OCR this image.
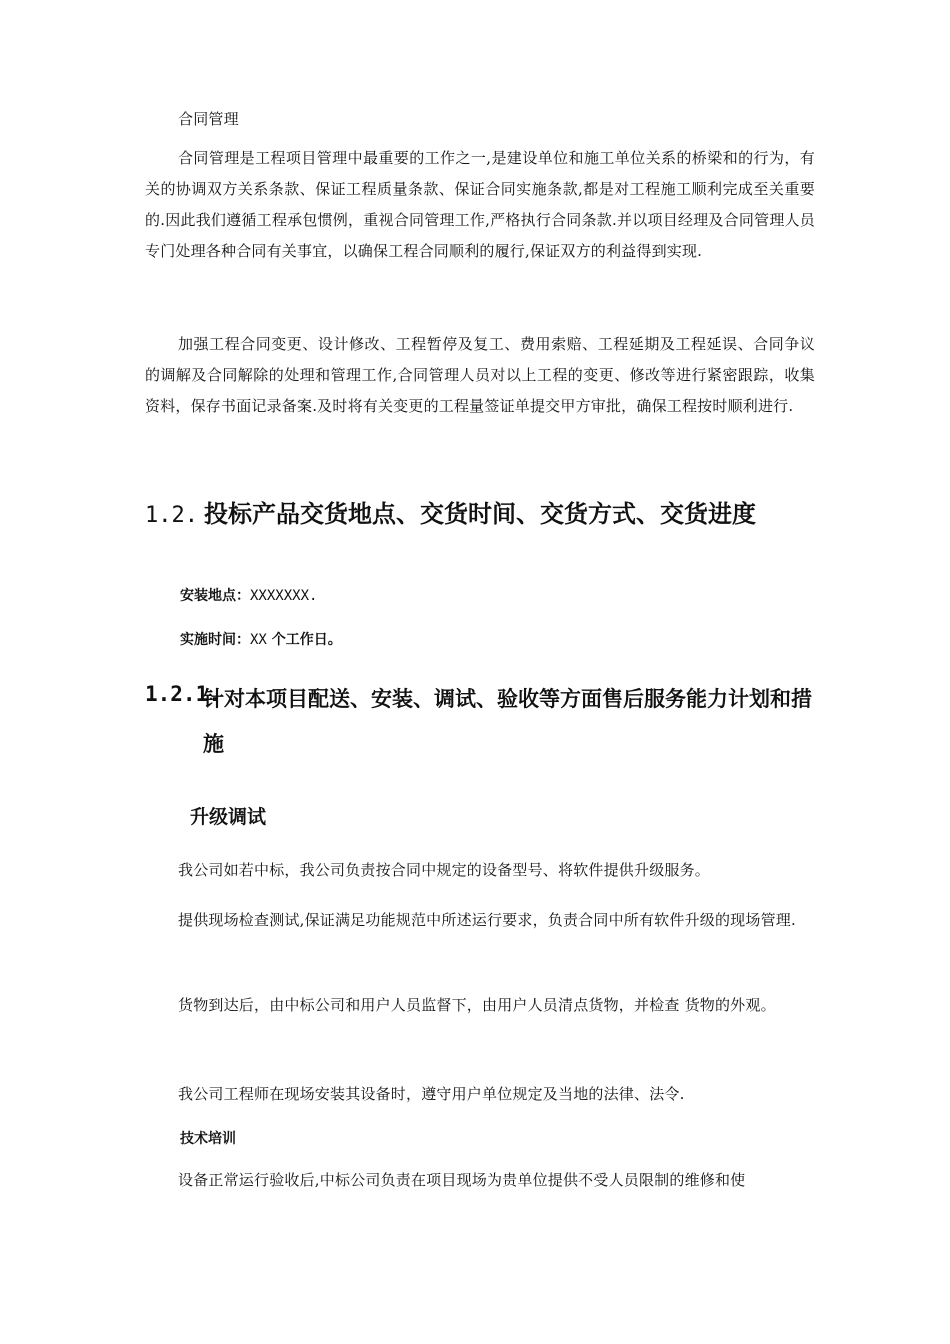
合同管理

合同管理是工程项目管理中最重要的工作之一,是建设单位和施工单位关系的桥梁和的行为，有关的协调双方关系条款、保证工程质量条款、保证合同实施条款,都是对工程施工顺利完成至关重要的.因此我们遵循工程承包惯例，重视合同管理工作,严格执行合同条款.并以项目经理及合同管理人员专门处理各种合同有关事宜，以确保工程合同顺利的履行,保证双方的利益得到实现.

加强工程合同变更、设计修改、工程暂停及复工、费用索赔、工程延期及工程延误、合同争议的调解及合同解除的处理和管理工作,合同管理人员对以上工程的变更、修改等进行紧密跟踪，收集资料，保存书面记录备案.及时将有关变更的工程量签证单提交甲方审批，确保工程按时顺利进行.

1.2. 投标产品交货地点、交货时间、交货方式、交货进度

安装地点：XXXXXXX.

实施时间：XX 个工作日。

1.2.1.
针对本项目配送、安装、调试、验收等方面售后服务能力计划和措施
升级调试

我公司如若中标，我公司负责按合同中规定的设备型号、将软件提供升级服务。

提供现场检查测试,保证满足功能规范中所述运行要求，负责合同中所有软件升级的现场管理.

货物到达后，由中标公司和用户人员监督下，由用户人员清点货物，并检查 货物的外观。

我公司工程师在现场安装其设备时，遵守用户单位规定及当地的法律、法令.

技术培训

设备正常运行验收后,中标公司负责在项目现场为贵单位提供不受人员限制的维修和使
